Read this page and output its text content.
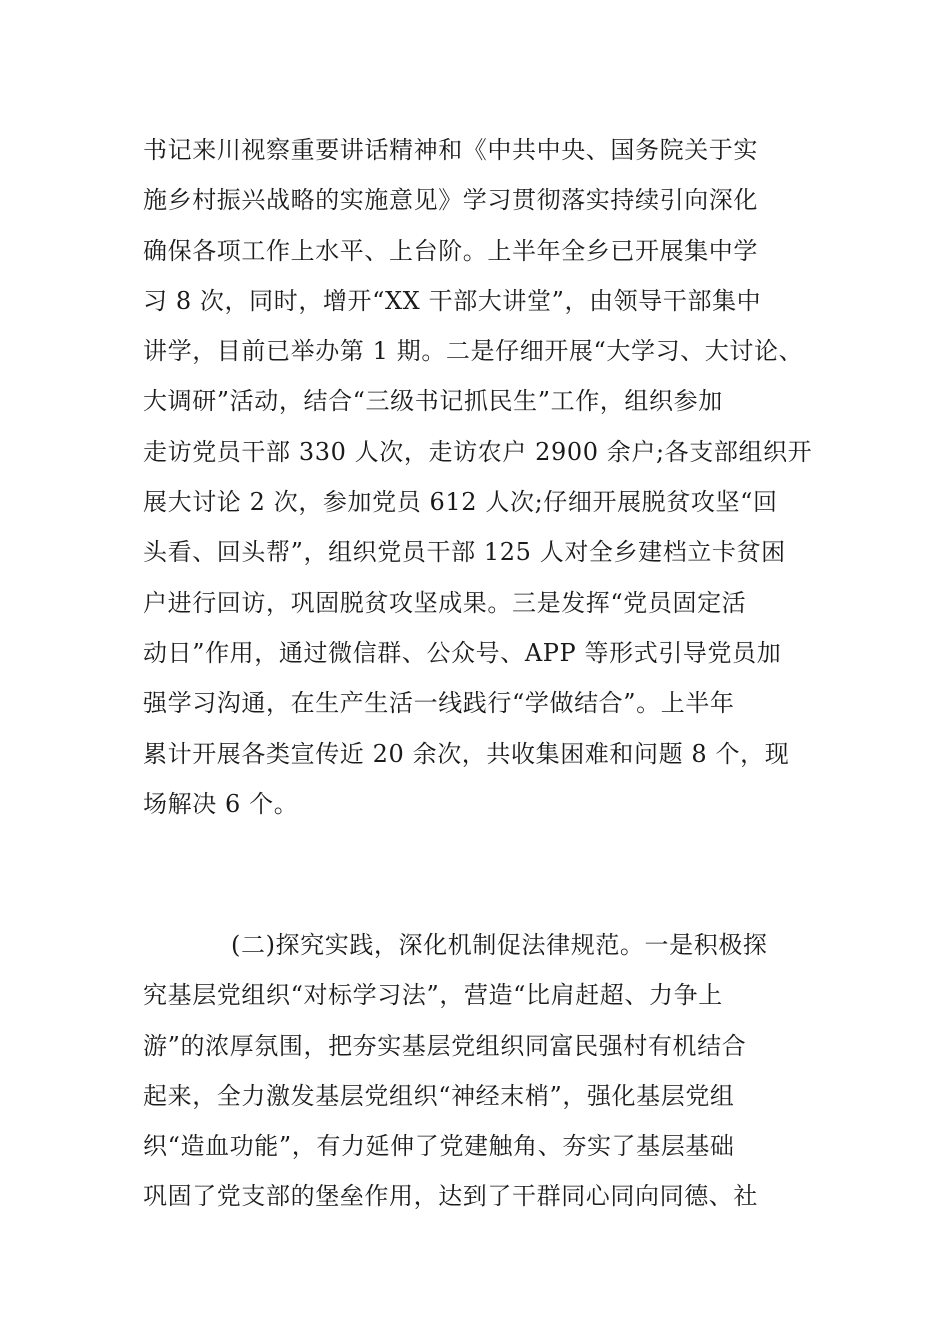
书记来川视察重要讲话精神和《中共中央、国务院关于实
施乡村振兴战略的实施意见》学习贯彻落实持续引向深化
确保各项工作上水平、上台阶。上半年全乡已开展集中学
习 8 次，同时，增开“XX 干部大讲堂”，由领导干部集中
讲学，目前已举办第 1 期。二是仔细开展“大学习、大讨论、
大调研”活动，结合“三级书记抓民生”工作，组织参加
走访党员干部 330 人次，走访农户 2900 余户;各支部组织开
展大讨论 2 次，参加党员 612 人次;仔细开展脱贫攻坚“回
头看、回头帮”，组织党员干部 125 人对全乡建档立卡贫困
户进行回访，巩固脱贫攻坚成果。三是发挥“党员固定活
动日”作用，通过微信群、公众号、APP 等形式引导党员加
强学习沟通，在生产生活一线践行“学做结合”。上半年
累计开展各类宣传近 20 余次，共收集困难和问题 8 个，现
场解决 6 个。
(二)探究实践，深化机制促法律规范。一是积极探
究基层党组织“对标学习法”，营造“比肩赶超、力争上
游”的浓厚氛围，把夯实基层党组织同富民强村有机结合
起来，全力激发基层党组织“神经末梢”，强化基层党组
织“造血功能”，有力延伸了党建触角、夯实了基层基础
巩固了党支部的堡垒作用，达到了干群同心同向同德、社
